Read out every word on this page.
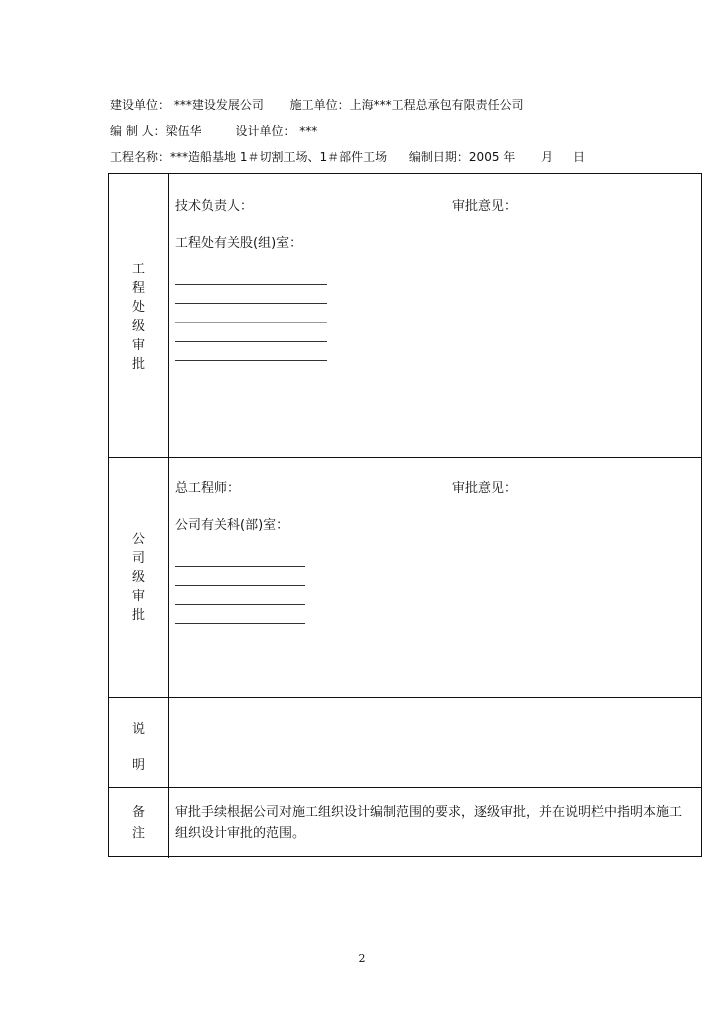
建设单位： ***建设发展公司 施工单位：上海***工程总承包有限责任公司
编 制 人：梁伍华	设计单位： ***
工程名称：***造船基地 1＃切割工场、1＃部件工场 编制日期：2005 年 月 日
工
程
处
级
审
批
技术负责人：	审批意见：
工程处有关股(组)室：
公
司
级
审
批
总工程师：	审批意见：
公司有关科(部)室：
说
明
备
注
审批手续根据公司对施工组织设计编制范围的要求，逐级审批，并在说明栏中指明本施工组织设计审批的范围。
2
